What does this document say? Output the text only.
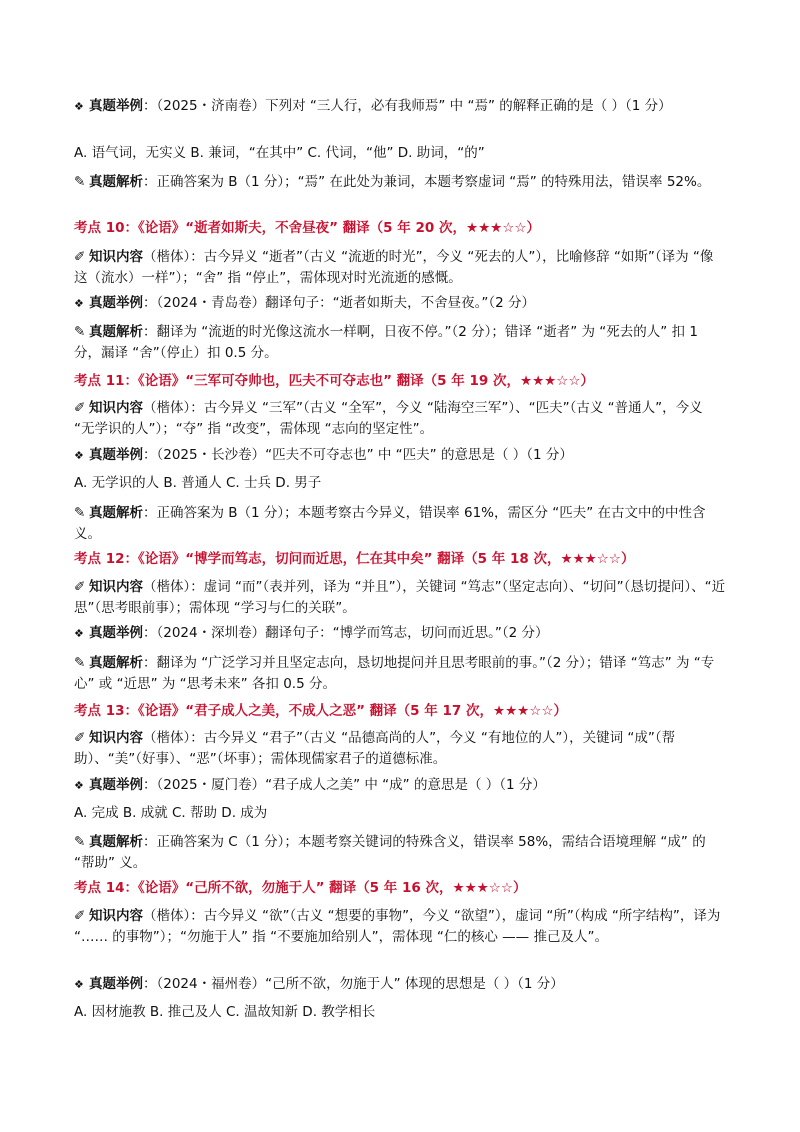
❖ 真题举例：（2025・济南卷）下列对 “三人行，必有我师焉” 中 “焉” 的解释正确的是（ ）（1 分）
A. 语气词，无实义 B. 兼词，“在其中” C. 代词，“他” D. 助词，“的”
✎ 真题解析：正确答案为 B（1 分）；“焉” 在此处为兼词，本题考察虚词 “焉” 的特殊用法，错误率 52%。
考点 10：《论语》“逝者如斯夫，不舍昼夜” 翻译（5 年 20 次，★★★☆☆）
✐ 知识内容（楷体）：古今异义 “逝者”（古义 “流逝的时光”，今义 “死去的人”），比喻修辞 “如斯”（译为 “像这（流水）一样”）；“舍” 指 “停止”，需体现对时光流逝的感慨。
❖ 真题举例：（2024・青岛卷）翻译句子：“逝者如斯夫，不舍昼夜。”（2 分）
✎ 真题解析：翻译为 “流逝的时光像这流水一样啊，日夜不停。”（2 分）；错译 “逝者” 为 “死去的人” 扣 1 分，漏译 “舍”（停止）扣 0.5 分。
考点 11：《论语》“三军可夺帅也，匹夫不可夺志也” 翻译（5 年 19 次，★★★☆☆）
✐ 知识内容（楷体）：古今异义 “三军”（古义 “全军”，今义 “陆海空三军”）、“匹夫”（古义 “普通人”，今义 “无学识的人”）；“夺” 指 “改变”，需体现 “志向的坚定性”。
❖ 真题举例：（2025・长沙卷）“匹夫不可夺志也” 中 “匹夫” 的意思是（ ）（1 分）
A. 无学识的人 B. 普通人 C. 士兵 D. 男子
✎ 真题解析：正确答案为 B（1 分）；本题考察古今异义，错误率 61%，需区分 “匹夫” 在古文中的中性含义。
考点 12：《论语》“博学而笃志，切问而近思，仁在其中矣” 翻译（5 年 18 次，★★★☆☆）
✐ 知识内容（楷体）：虚词 “而”（表并列，译为 “并且”），关键词 “笃志”（坚定志向）、“切问”（恳切提问）、“近思”（思考眼前事）；需体现 “学习与仁的关联”。
❖ 真题举例：（2024・深圳卷）翻译句子：“博学而笃志，切问而近思。”（2 分）
✎ 真题解析：翻译为 “广泛学习并且坚定志向，恳切地提问并且思考眼前的事。”（2 分）；错译 “笃志” 为 “专心” 或 “近思” 为 “思考未来” 各扣 0.5 分。
考点 13：《论语》“君子成人之美，不成人之恶” 翻译（5 年 17 次，★★★☆☆）
✐ 知识内容（楷体）：古今异义 “君子”（古义 “品德高尚的人”，今义 “有地位的人”），关键词 “成”（帮助）、“美”（好事）、“恶”（坏事）；需体现儒家君子的道德标准。
❖ 真题举例：（2025・厦门卷）“君子成人之美” 中 “成” 的意思是（ ）（1 分）
A. 完成 B. 成就 C. 帮助 D. 成为
✎ 真题解析：正确答案为 C（1 分）；本题考察关键词的特殊含义，错误率 58%，需结合语境理解 “成” 的 “帮助” 义。
考点 14：《论语》“己所不欲，勿施于人” 翻译（5 年 16 次，★★★☆☆）
✐ 知识内容（楷体）：古今异义 “欲”（古义 “想要的事物”，今义 “欲望”），虚词 “所”（构成 “所字结构”，译为 “…… 的事物”）；“勿施于人” 指 “不要施加给别人”，需体现 “仁的核心 —— 推己及人”。
❖ 真题举例：（2024・福州卷）“己所不欲，勿施于人” 体现的思想是（ ）（1 分）
A. 因材施教 B. 推己及人 C. 温故知新 D. 教学相长
